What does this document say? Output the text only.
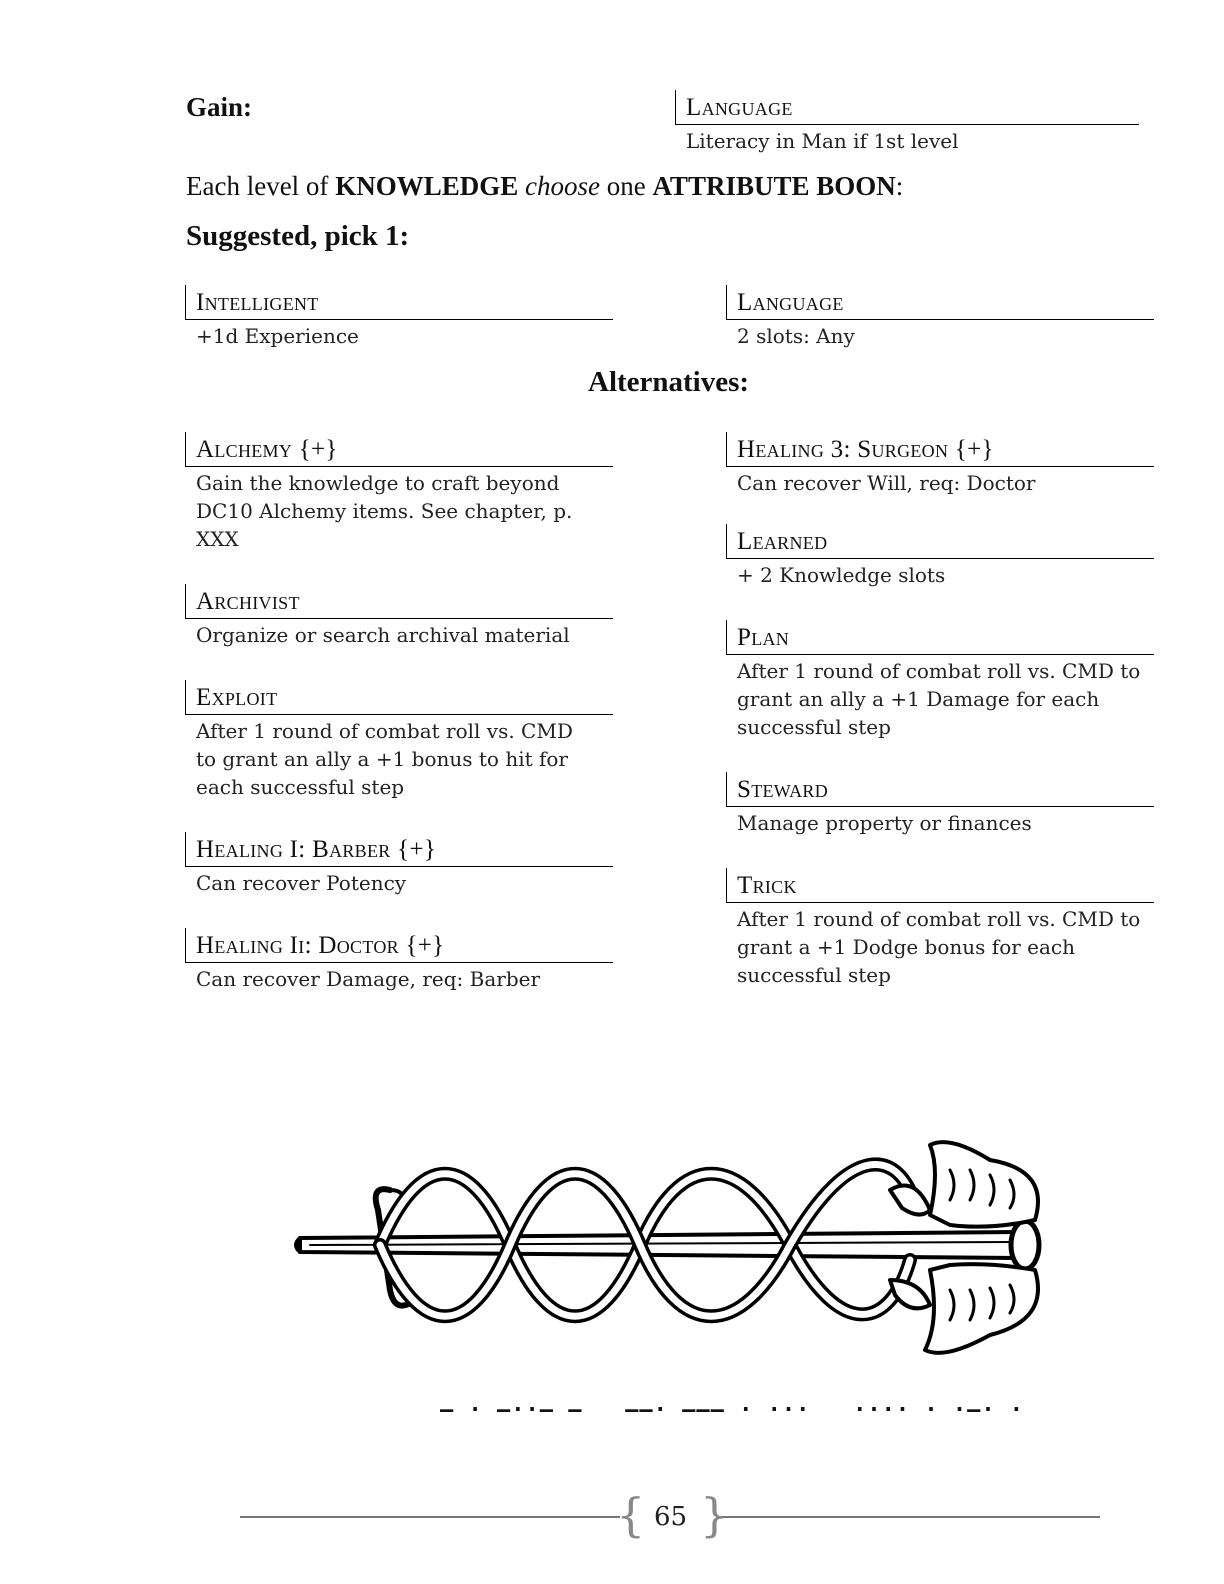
Gain:	Language
Literacy in Man if 1st level
Each level of KNOWLEDGE choose one ATTRIBUTE BOON:
Suggested, pick 1:
Intelligent
+1d Experience
Language
2 slots: Any
Alternatives:
Alchemy {+}
Gain the knowledge to craft beyond DC10 Alchemy items. See chapter, p. XXX
Archivist
Organize or search archival material
Exploit
After 1 round of combat roll vs. CMD to grant an ally a +1 bonus to hit for each successful step
Healing I: Barber {+}
Can recover Potency
Healing Ii: Doctor {+}
Can recover Damage, req: Barber
Healing 3: Surgeon {+}
Can recover Will, req: Doctor
Learned
+ 2 Knowledge slots
Plan
After 1 round of combat roll vs. CMD to grant an ally a +1 Damage for each successful step
Steward
Manage property or finances
Trick
After 1 round of combat roll vs. CMD to grant a +1 Dodge bonus for each successful step
– · –··– –   ––· ––– · ···   ···· · ·–· ·
{ }
65
